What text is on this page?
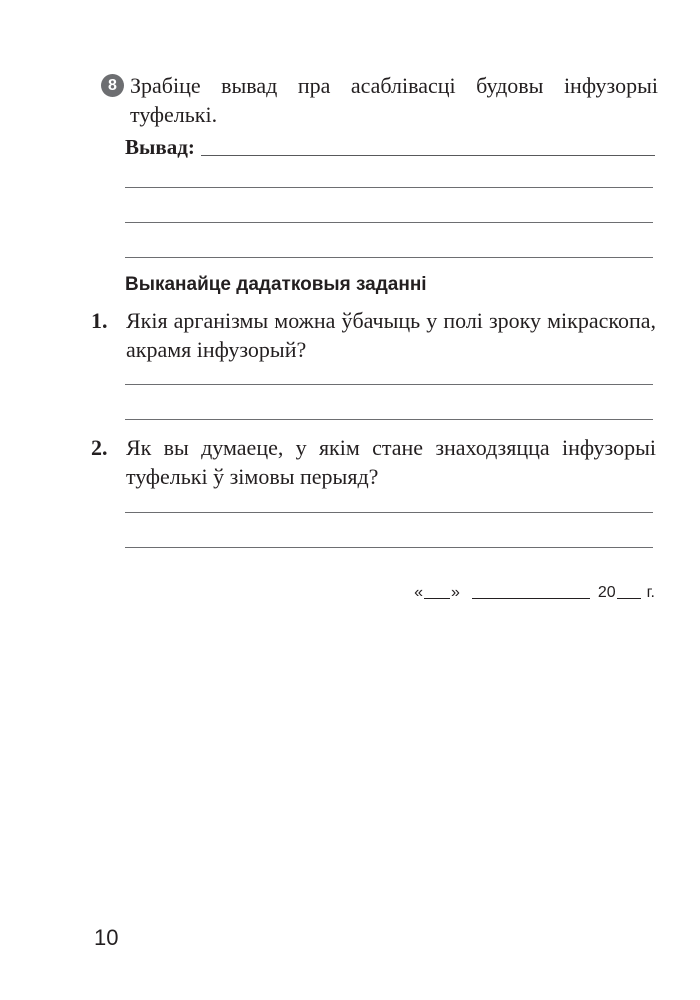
8 Зрабіце вывад пра асаблівасці будовы інфузорыі туфелькі.

Вывад:
Выканайце дадатковыя заданні
1. Якія арганізмы можна ўбачыць у полі зроку мікраскопа, акрамя інфузорый?

2. Як вы думаеце, у якім стане знаходзяцца інфузорыі туфелькі ў зімовы перыяд?

« »	20 г.
10
